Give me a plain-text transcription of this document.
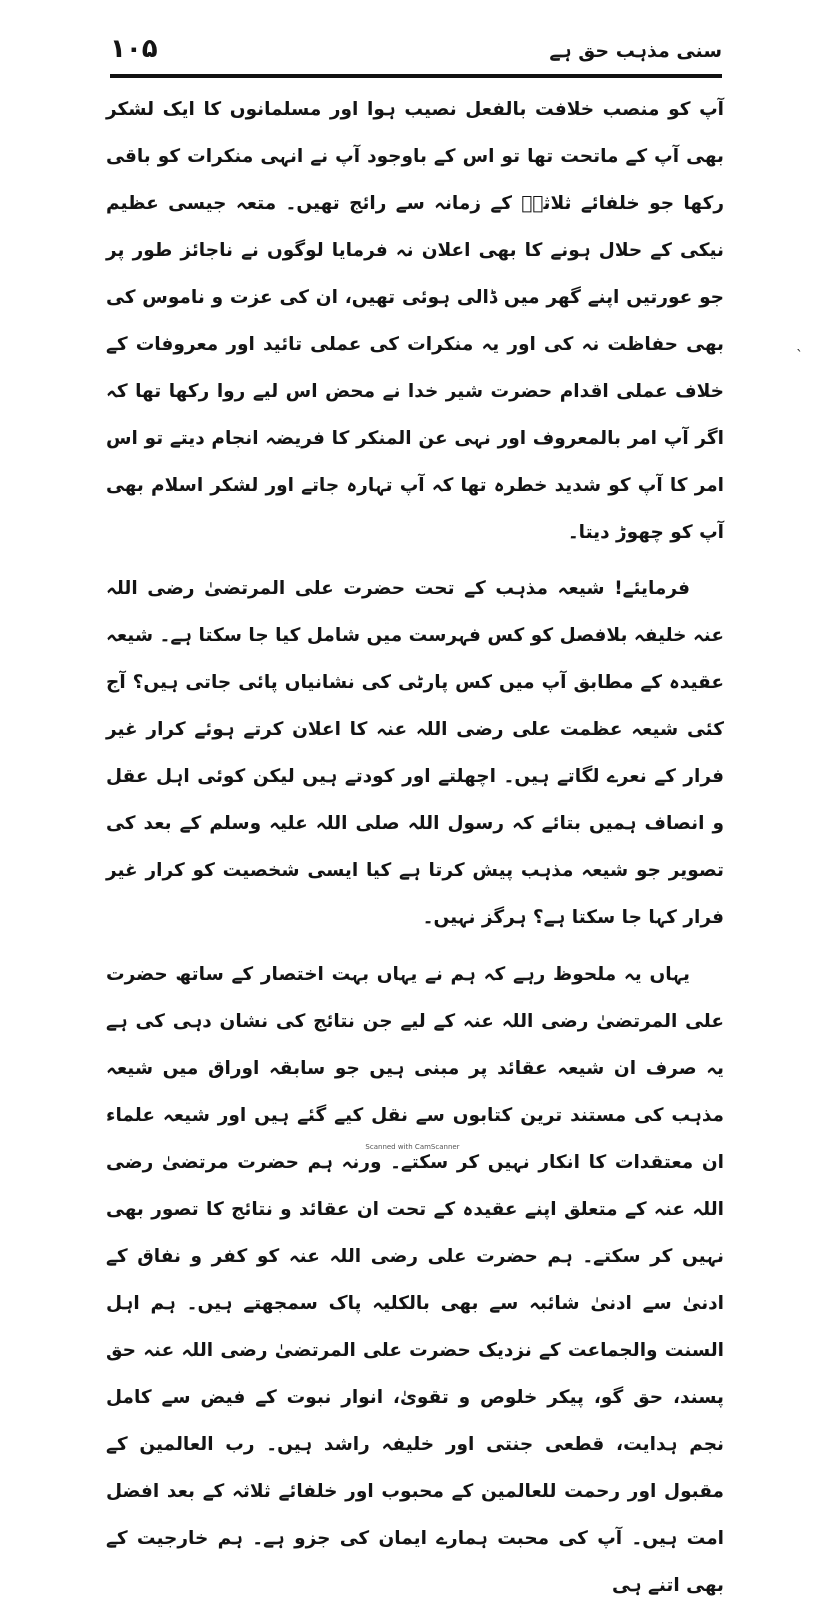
١٠۵	سنی مذہب حق ہے

آپ کو منصب خلافت بالفعل نصیب ہوا اور مسلمانوں کا ایک لشکر بھی آپ کے ماتحت تھا تو اس کے باوجود آپ نے انہی منکرات کو باقی رکھا جو خلفائے ثلاثہؓ کے زمانہ سے رائج تھیں۔ متعہ جیسی عظیم نیکی کے حلال ہونے کا بھی اعلان نہ فرمایا لوگوں نے ناجائز طور پر جو عورتیں اپنے گھر میں ڈالی ہوئی تھیں، ان کی عزت و ناموس کی بھی حفاظت نہ کی اور یہ منکرات کی عملی تائید اور معروفات کے خلاف عملی اقدام حضرت شیر خدا نے محض اس لیے روا رکھا تھا کہ اگر آپ امر بالمعروف اور نہی عن المنکر کا فریضہ انجام دیتے تو اس امر کا آپ کو شدید خطرہ تھا کہ آپ تہارہ جاتے اور لشکر اسلام بھی آپ کو چھوڑ دیتا۔

فرمایئے! شیعہ مذہب کے تحت حضرت علی المرتضیٰ رضی اللہ عنہ خلیفہ بلافصل کو کس فہرست میں شامل کیا جا سکتا ہے۔ شیعہ عقیدہ کے مطابق آپ میں کس پارٹی کی نشانیاں پائی جاتی ہیں؟ آج کئی شیعہ عظمت علی رضی اللہ عنہ کا اعلان کرتے ہوئے کرار غیر فرار کے نعرے لگاتے ہیں۔ اچھلتے اور کودتے ہیں لیکن کوئی اہل عقل و انصاف ہمیں بتائے کہ رسول اللہ صلی اللہ علیہ وسلم کے بعد کی تصویر جو شیعہ مذہب پیش کرتا ہے کیا ایسی شخصیت کو کرار غیر فرار کہا جا سکتا ہے؟ ہرگز نہیں۔

یہاں یہ ملحوظ رہے کہ ہم نے یہاں بہت اختصار کے ساتھ حضرت علی المرتضیٰ رضی اللہ عنہ کے لیے جن نتائج کی نشان دہی کی ہے یہ صرف ان شیعہ عقائد پر مبنی ہیں جو سابقہ اوراق میں شیعہ مذہب کی مستند ترین کتابوں سے نقل کیے گئے ہیں اور شیعہ علماء ان معتقدات کا انکار نہیں کر سکتے۔ ورنہ ہم حضرت مرتضیٰ رضی اللہ عنہ کے متعلق اپنے عقیدہ کے تحت ان عقائد و نتائج کا تصور بھی نہیں کر سکتے۔ ہم حضرت علی رضی اللہ عنہ کو کفر و نفاق کے ادنیٰ سے ادنیٰ شائبہ سے بھی بالکلیہ پاک سمجھتے ہیں۔ ہم اہل السنت والجماعت کے نزدیک حضرت علی المرتضیٰ رضی اللہ عنہ حق پسند، حق گو، پیکر خلوص و تقویٰ، انوار نبوت کے فیض سے کامل نجم ہدایت، قطعی جنتی اور خلیفہ راشد ہیں۔ رب العالمین کے مقبول اور رحمت للعالمین کے محبوب اور خلفائے ثلاثہ کے بعد افضل امت ہیں۔ آپ کی محبت ہمارے ایمان کی جزو ہے۔ ہم خارجیت کے بھی اتنے ہی

ˎ
Scanned with CamScanner
